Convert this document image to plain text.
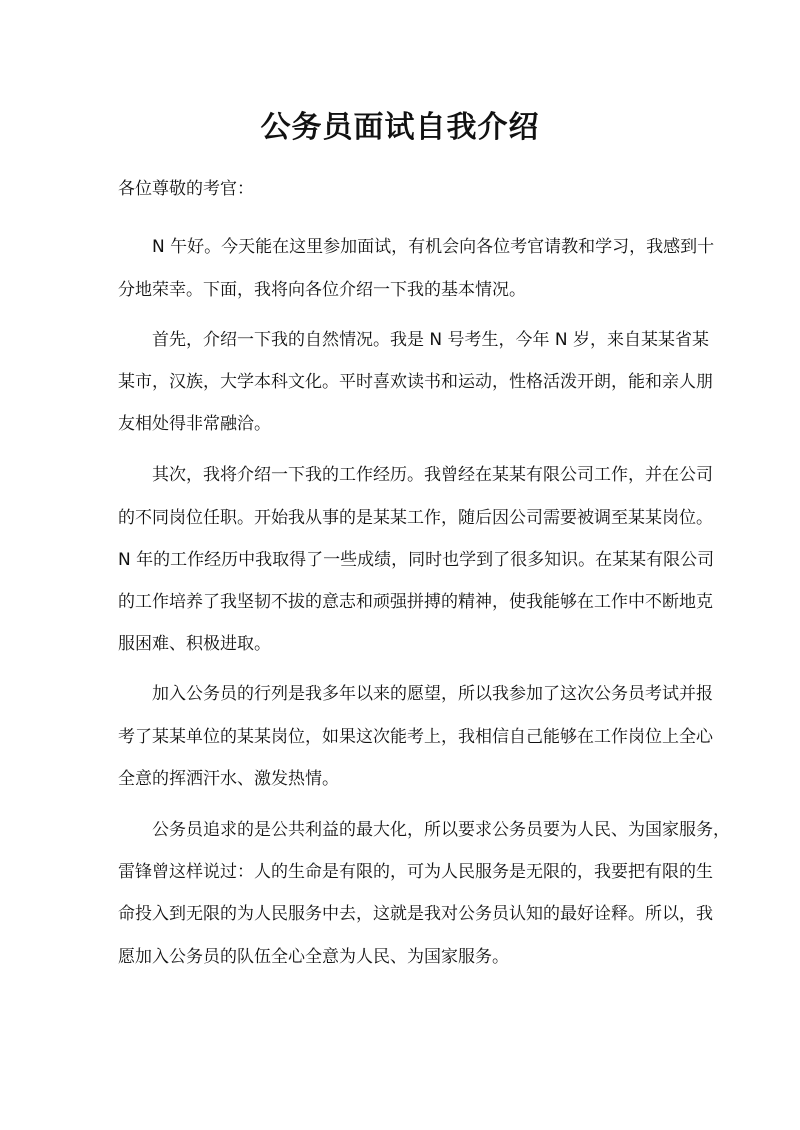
公务员面试自我介绍

各位尊敬的考官：

　　N 午好。今天能在这里参加面试，有机会向各位考官请教和学习，我感到十

分地荣幸。下面，我将向各位介绍一下我的基本情况。

　　首先，介绍一下我的自然情况。我是 N 号考生，今年 N 岁，来自某某省某

某市，汉族，大学本科文化。平时喜欢读书和运动，性格活泼开朗，能和亲人朋

友相处得非常融洽。

　　其次，我将介绍一下我的工作经历。我曾经在某某有限公司工作，并在公司

的不同岗位任职。开始我从事的是某某工作，随后因公司需要被调至某某岗位。

N 年的工作经历中我取得了一些成绩，同时也学到了很多知识。在某某有限公司

的工作培养了我坚韧不拔的意志和顽强拼搏的精神，使我能够在工作中不断地克

服困难、积极进取。

　　加入公务员的行列是我多年以来的愿望，所以我参加了这次公务员考试并报

考了某某单位的某某岗位，如果这次能考上，我相信自己能够在工作岗位上全心

全意的挥洒汗水、激发热情。

　　公务员追求的是公共利益的最大化，所以要求公务员要为人民、为国家服务，

雷锋曾这样说过：人的生命是有限的，可为人民服务是无限的，我要把有限的生

命投入到无限的为人民服务中去，这就是我对公务员认知的最好诠释。所以，我

愿加入公务员的队伍全心全意为人民、为国家服务。
